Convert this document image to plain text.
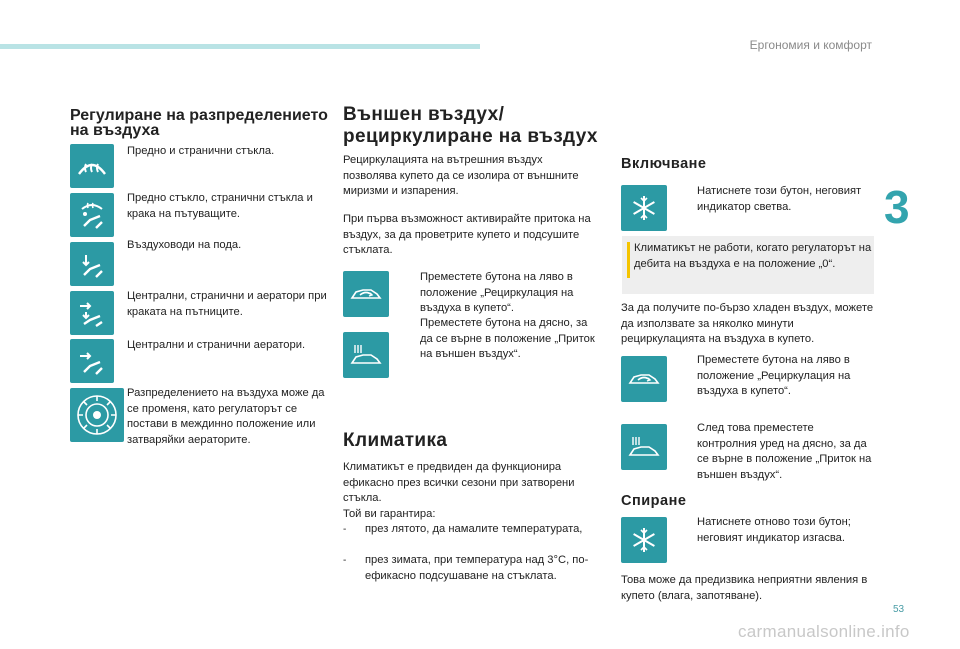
Ергономия и комфорт
3
Регулиране на разпределението на въздуха
Предно и странични стъкла.
Предно стъкло, странични стъкла и крака на пътуващите.
Въздуховоди на пода.
Централни, странични и аератори при краката на пътниците.
Централни и странични аератори.
Разпределението на въздуха може да се променя, като регулаторът се постави в междинно положение или затваряйки аераторите.
Външен въздух/
рециркулиране на въздух
Рециркулацията на вътрешния въздух позволява купето да се изолира от външните миризми и изпарения.
При първа възможност активирайте притока на въздух, за да проветрите купето и подсушите стъклата.
Преместете бутона на ляво в положение „Рециркулация на въздуха в купето“.
Преместете бутона на дясно, за да се върне в положение „Приток на външен въздух“.
Климатика
Климатикът е предвиден да функционира ефикасно през всички сезони при затворени стъкла.
Той ви гарантира:
-	през лятото, да намалите температурата,
-	през зимата, при температура над 3°C, по-ефикасно подсушаване на стъклата.
Включване
Натиснете този бутон, неговият индикатор светва.
Климатикът не работи, когато регулаторът на дебита на въздуха е на положение „0“.
За да получите по-бързо хладен въздух, можете да използвате за няколко минути рециркулацията на въздуха в купето.
Преместете бутона на ляво в положение „Рециркулация на въздуха в купето“.
След това преместете контролния уред на дясно, за да се върне в положение „Приток на външен въздух“.
Спиране
Натиснете отново този бутон; неговият индикатор изгасва.
Това може да предизвика неприятни явления в купето (влага, запотяване).
53
carmanualsonline.info
